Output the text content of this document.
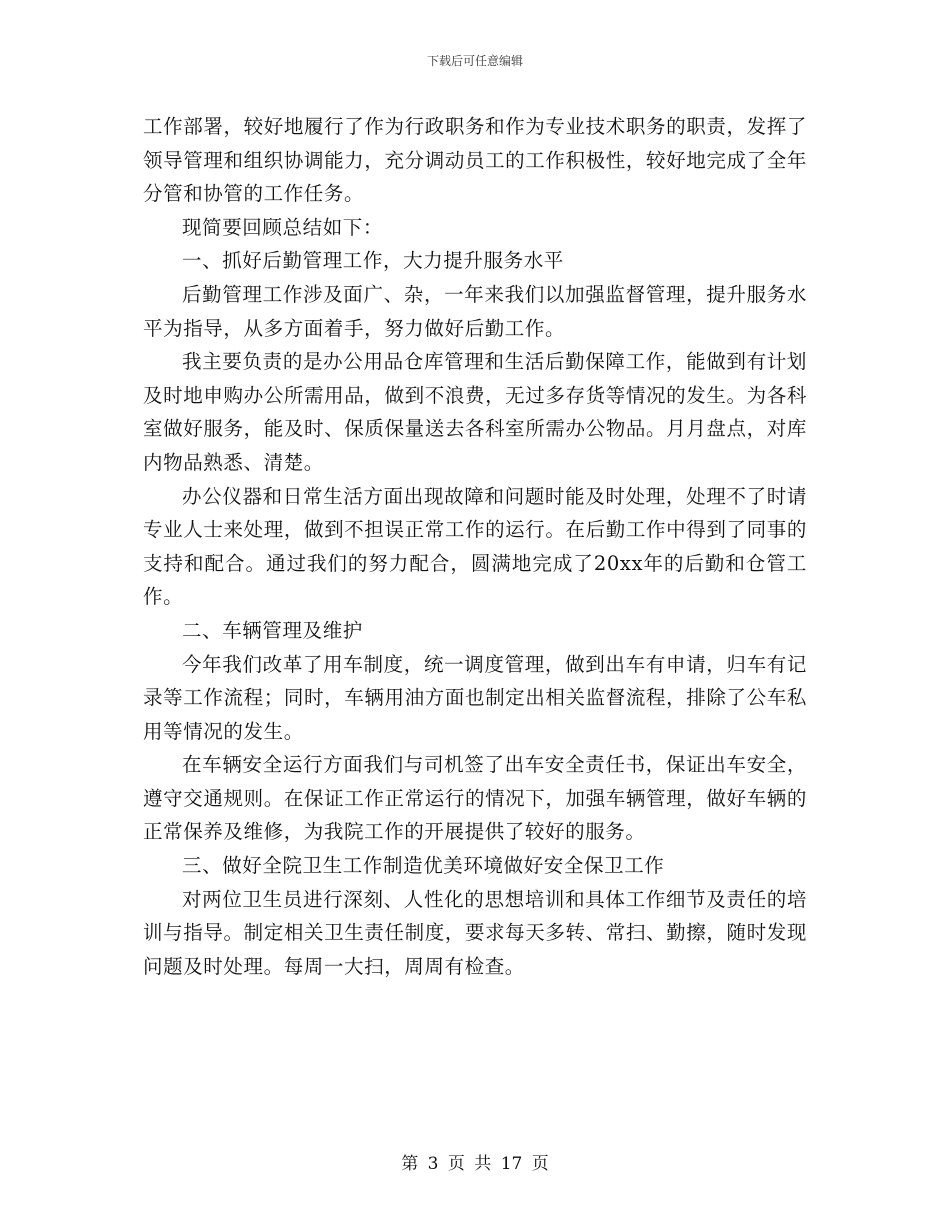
下载后可任意编辑

工作部署，较好地履行了作为行政职务和作为专业技术职务的职责，发挥了领导管理和组织协调能力，充分调动员工的工作积极性，较好地完成了全年分管和协管的工作任务。

现简要回顾总结如下：

一、抓好后勤管理工作，大力提升服务水平

后勤管理工作涉及面广、杂，一年来我们以加强监督管理，提升服务水平为指导，从多方面着手，努力做好后勤工作。

我主要负责的是办公用品仓库管理和生活后勤保障工作，能做到有计划及时地申购办公所需用品，做到不浪费，无过多存货等情况的发生。为各科室做好服务，能及时、保质保量送去各科室所需办公物品。月月盘点，对库内物品熟悉、清楚。

办公仪器和日常生活方面出现故障和问题时能及时处理，处理不了时请专业人士来处理，做到不担误正常工作的运行。在后勤工作中得到了同事的支持和配合。通过我们的努力配合，圆满地完成了20xx年的后勤和仓管工作。

二、车辆管理及维护

今年我们改革了用车制度，统一调度管理，做到出车有申请，归车有记录等工作流程；同时，车辆用油方面也制定出相关监督流程，排除了公车私用等情况的发生。

在车辆安全运行方面我们与司机签了出车安全责任书，保证出车安全，遵守交通规则。在保证工作正常运行的情况下，加强车辆管理，做好车辆的正常保养及维修，为我院工作的开展提供了较好的服务。

三、做好全院卫生工作制造优美环境做好安全保卫工作

对两位卫生员进行深刻、人性化的思想培训和具体工作细节及责任的培训与指导。制定相关卫生责任制度，要求每天多转、常扫、勤擦，随时发现问题及时处理。每周一大扫，周周有检查。

第 3 页 共 17 页
